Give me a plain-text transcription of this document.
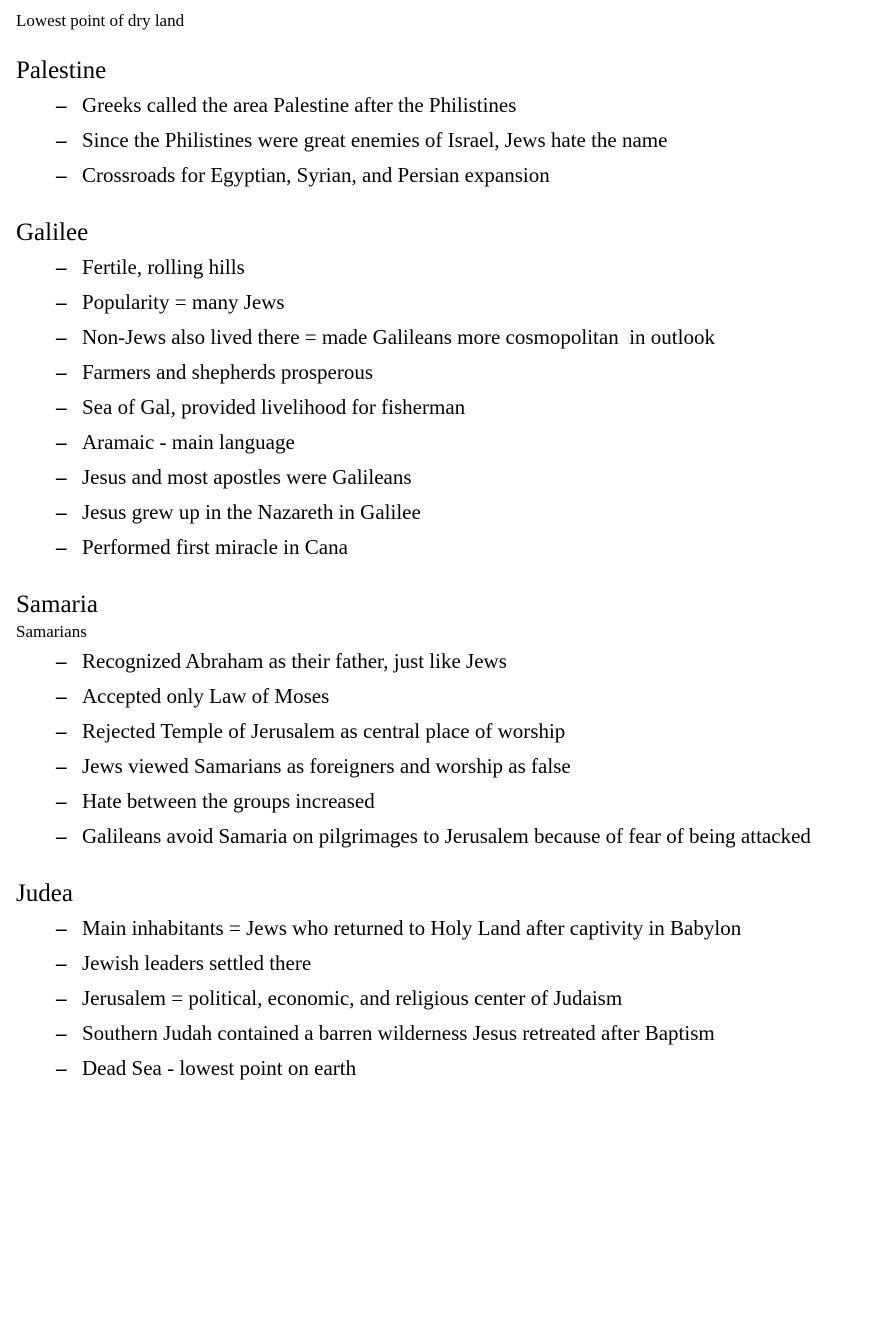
Lowest point of dry land

Palestine
– Greeks called the area Palestine after the Philistines
– Since the Philistines were great enemies of Israel, Jews hate the name
– Crossroads for Egyptian, Syrian, and Persian expansion
Galilee
– Fertile, rolling hills
– Popularity = many Jews
– Non-Jews also lived there = made Galileans more cosmopolitan  in outlook
– Farmers and shepherds prosperous
– Sea of Gal, provided livelihood for fisherman
– Aramaic - main language
– Jesus and most apostles were Galileans
– Jesus grew up in the Nazareth in Galilee
– Performed first miracle in Cana
Samaria

Samarians

– Recognized Abraham as their father, just like Jews
– Accepted only Law of Moses
– Rejected Temple of Jerusalem as central place of worship
– Jews viewed Samarians as foreigners and worship as false
– Hate between the groups increased
– Galileans avoid Samaria on pilgrimages to Jerusalem because of fear of being attacked
Judea
– Main inhabitants = Jews who returned to Holy Land after captivity in Babylon
– Jewish leaders settled there
– Jerusalem = political, economic, and religious center of Judaism
– Southern Judah contained a barren wilderness Jesus retreated after Baptism
– Dead Sea - lowest point on earth
